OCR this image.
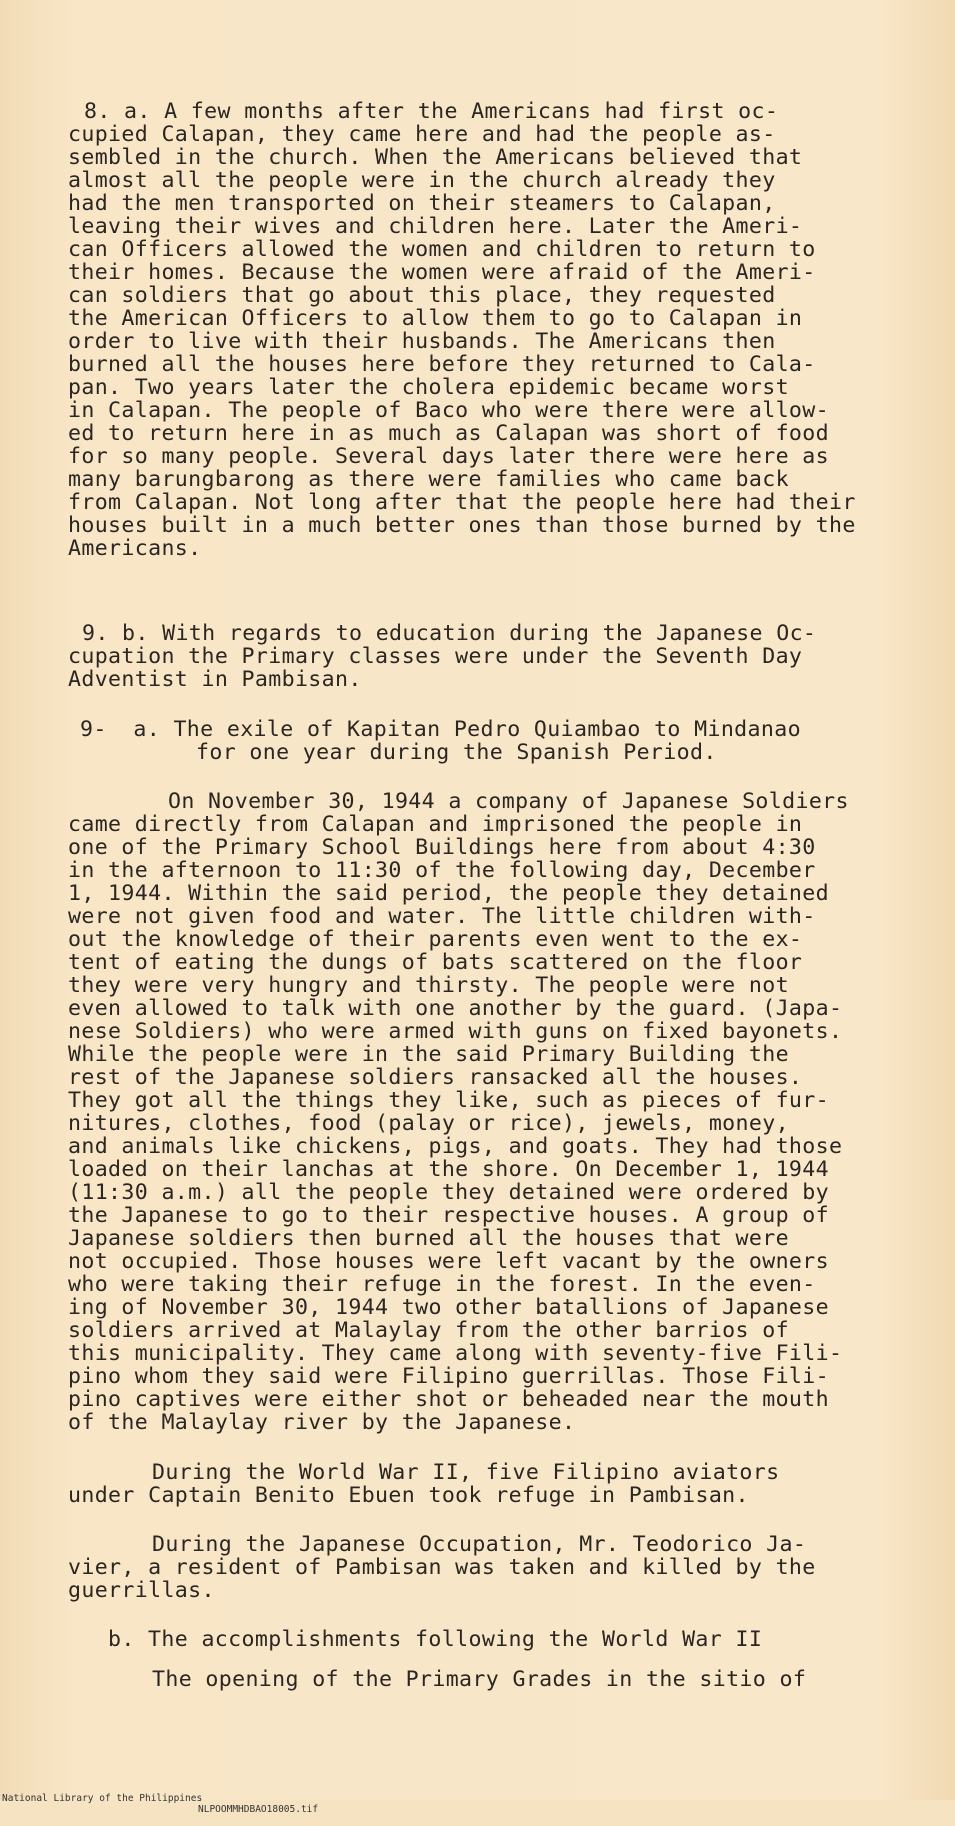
8. a. A few months after the Americans had first oc-
cupied Calapan, they came here and had the people as-
sembled in the church. When the Americans believed that
almost all the people were in the church already they
had the men transported on their steamers to Calapan,
leaving their wives and children here. Later the Ameri-
can Officers allowed the women and children to return to
their homes. Because the women were afraid of the Ameri-
can soldiers that go about this place, they requested
the American Officers to allow them to go to Calapan in
order to live with their husbands. The Americans then
burned all the houses here before they returned to Cala-
pan. Two years later the cholera epidemic became worst
in Calapan. The people of Baco who were there were allow-
ed to return here in as much as Calapan was short of food
for so many people. Several days later there were here as
many barungbarong as there were families who came back
from Calapan. Not long after that the people here had their
houses built in a much better ones than those burned by the
Americans.
9. b. With regards to education during the Japanese Oc-
cupation the Primary classes were under the Seventh Day
Adventist in Pambisan.
9-  a. The exile of Kapitan Pedro Quiambao to Mindanao
for one year during the Spanish Period.
On November 30, 1944 a company of Japanese Soldiers
came directly from Calapan and imprisoned the people in
one of the Primary School Buildings here from about 4:30
in the afternoon to 11:30 of the following day, December
1, 1944. Within the said period, the people they detained
were not given food and water. The little children with-
out the knowledge of their parents even went to the ex-
tent of eating the dungs of bats scattered on the floor
they were very hungry and thirsty. The people were not
even allowed to talk with one another by the guard. (Japa-
nese Soldiers) who were armed with guns on fixed bayonets.
While the people were in the said Primary Building the
rest of the Japanese soldiers ransacked all the houses.
They got all the things they like, such as pieces of fur-
nitures, clothes, food (palay or rice), jewels, money,
and animals like chickens, pigs, and goats. They had those
loaded on their lanchas at the shore. On December 1, 1944
(11:30 a.m.) all the people they detained were ordered by
the Japanese to go to their respective houses. A group of
Japanese soldiers then burned all the houses that were
not occupied. Those houses were left vacant by the owners
who were taking their refuge in the forest. In the even-
ing of November 30, 1944 two other batallions of Japanese
soldiers arrived at Malaylay from the other barrios of
this municipality. They came along with seventy-five Fili-
pino whom they said were Filipino guerrillas. Those Fili-
pino captives were either shot or beheaded near the mouth
of the Malaylay river by the Japanese.
During the World War II, five Filipino aviators
under Captain Benito Ebuen took refuge in Pambisan.
During the Japanese Occupation, Mr. Teodorico Ja-
vier, a resident of Pambisan was taken and killed by the
guerrillas.
b. The accomplishments following the World War II
The opening of the Primary Grades in the sitio of

National Library of the Philippines

NLPOOMMHDBAO18005.tif
